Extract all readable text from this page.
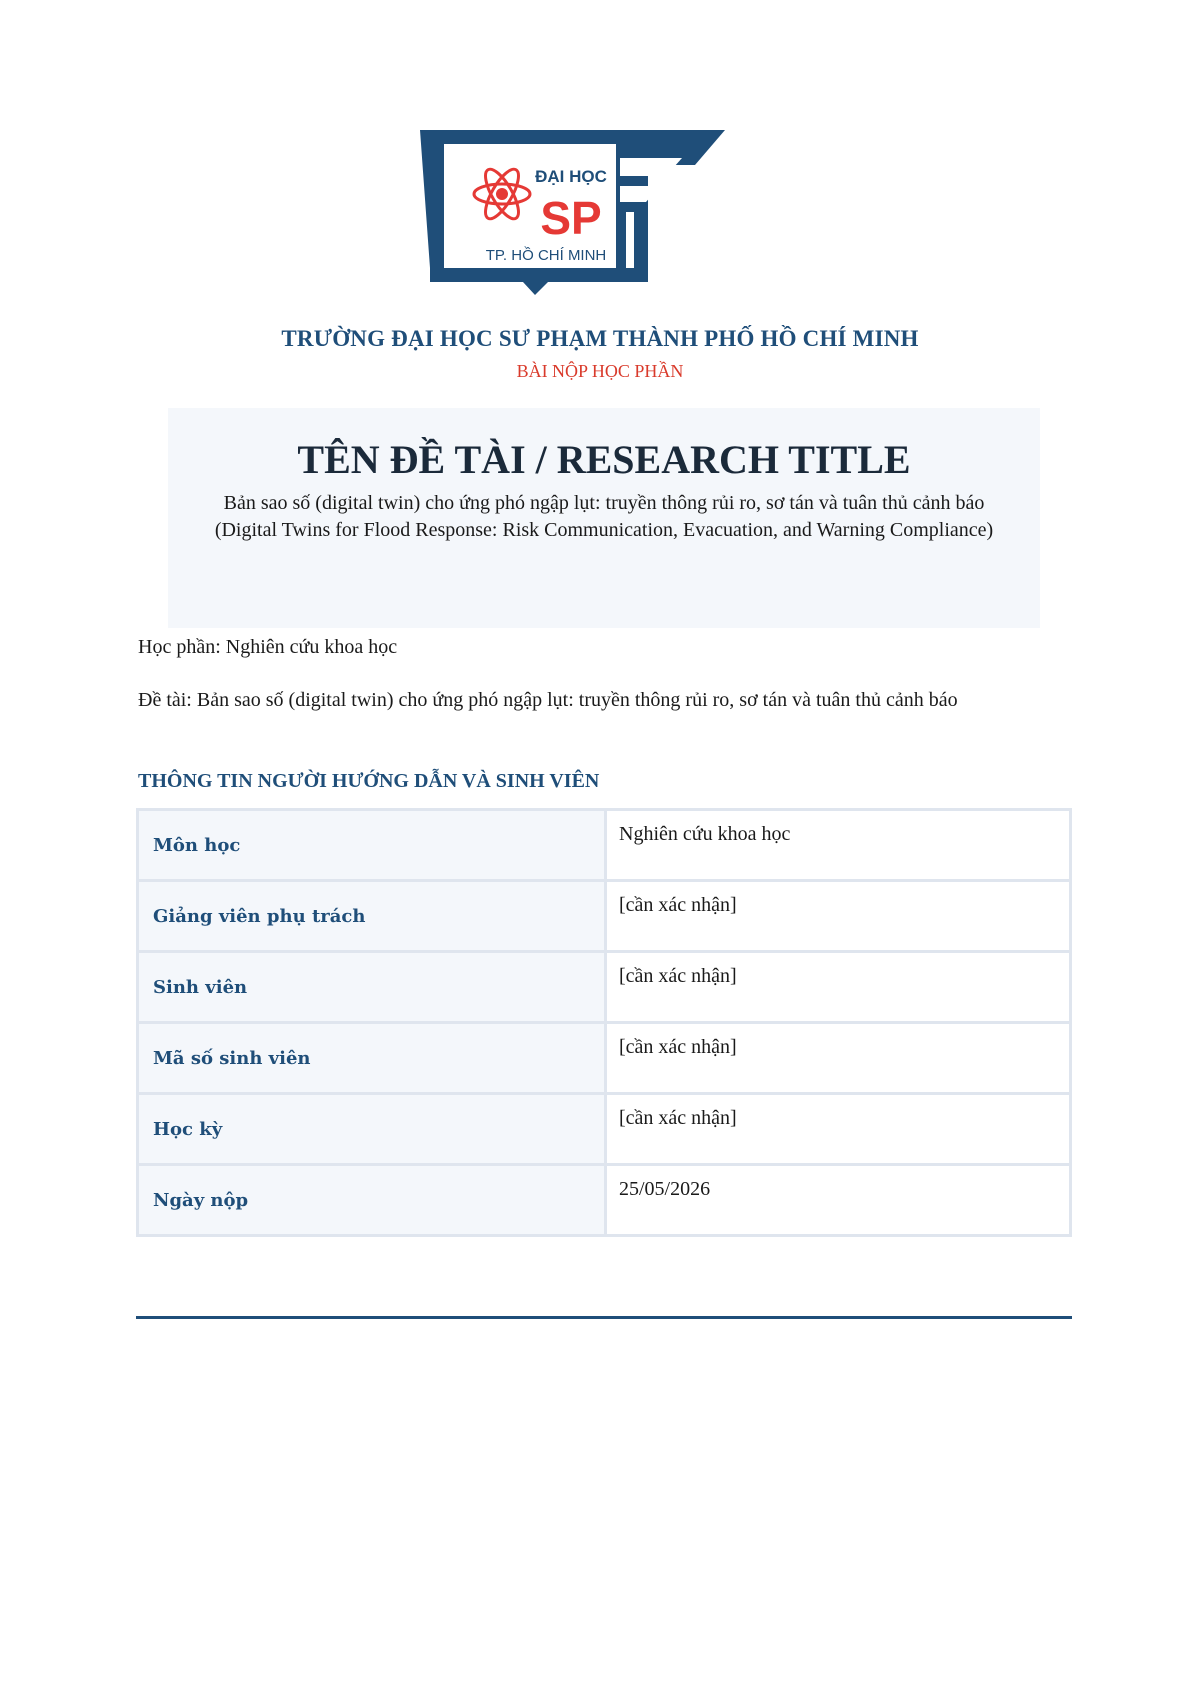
ĐẠI HỌC
SP
TP. HỒ CHÍ MINH
TRƯỜNG ĐẠI HỌC SƯ PHẠM THÀNH PHỐ HỒ CHÍ MINH
BÀI NỘP HỌC PHẦN
TÊN ĐỀ TÀI / RESEARCH TITLE
Bản sao số (digital twin) cho ứng phó ngập lụt: truyền thông rủi ro, sơ tán và tuân thủ cảnh báo
(Digital Twins for Flood Response: Risk Communication, Evacuation, and Warning Compliance)
Học phần: Nghiên cứu khoa học
Đề tài: Bản sao số (digital twin) cho ứng phó ngập lụt: truyền thông rủi ro, sơ tán và tuân thủ cảnh báo
THÔNG TIN NGƯỜI HƯỚNG DẪN VÀ SINH VIÊN
Môn học	Nghiên cứu khoa học
Giảng viên phụ trách	[cần xác nhận]
Sinh viên	[cần xác nhận]
Mã số sinh viên	[cần xác nhận]
Học kỳ	[cần xác nhận]
Ngày nộp	25/05/2026
